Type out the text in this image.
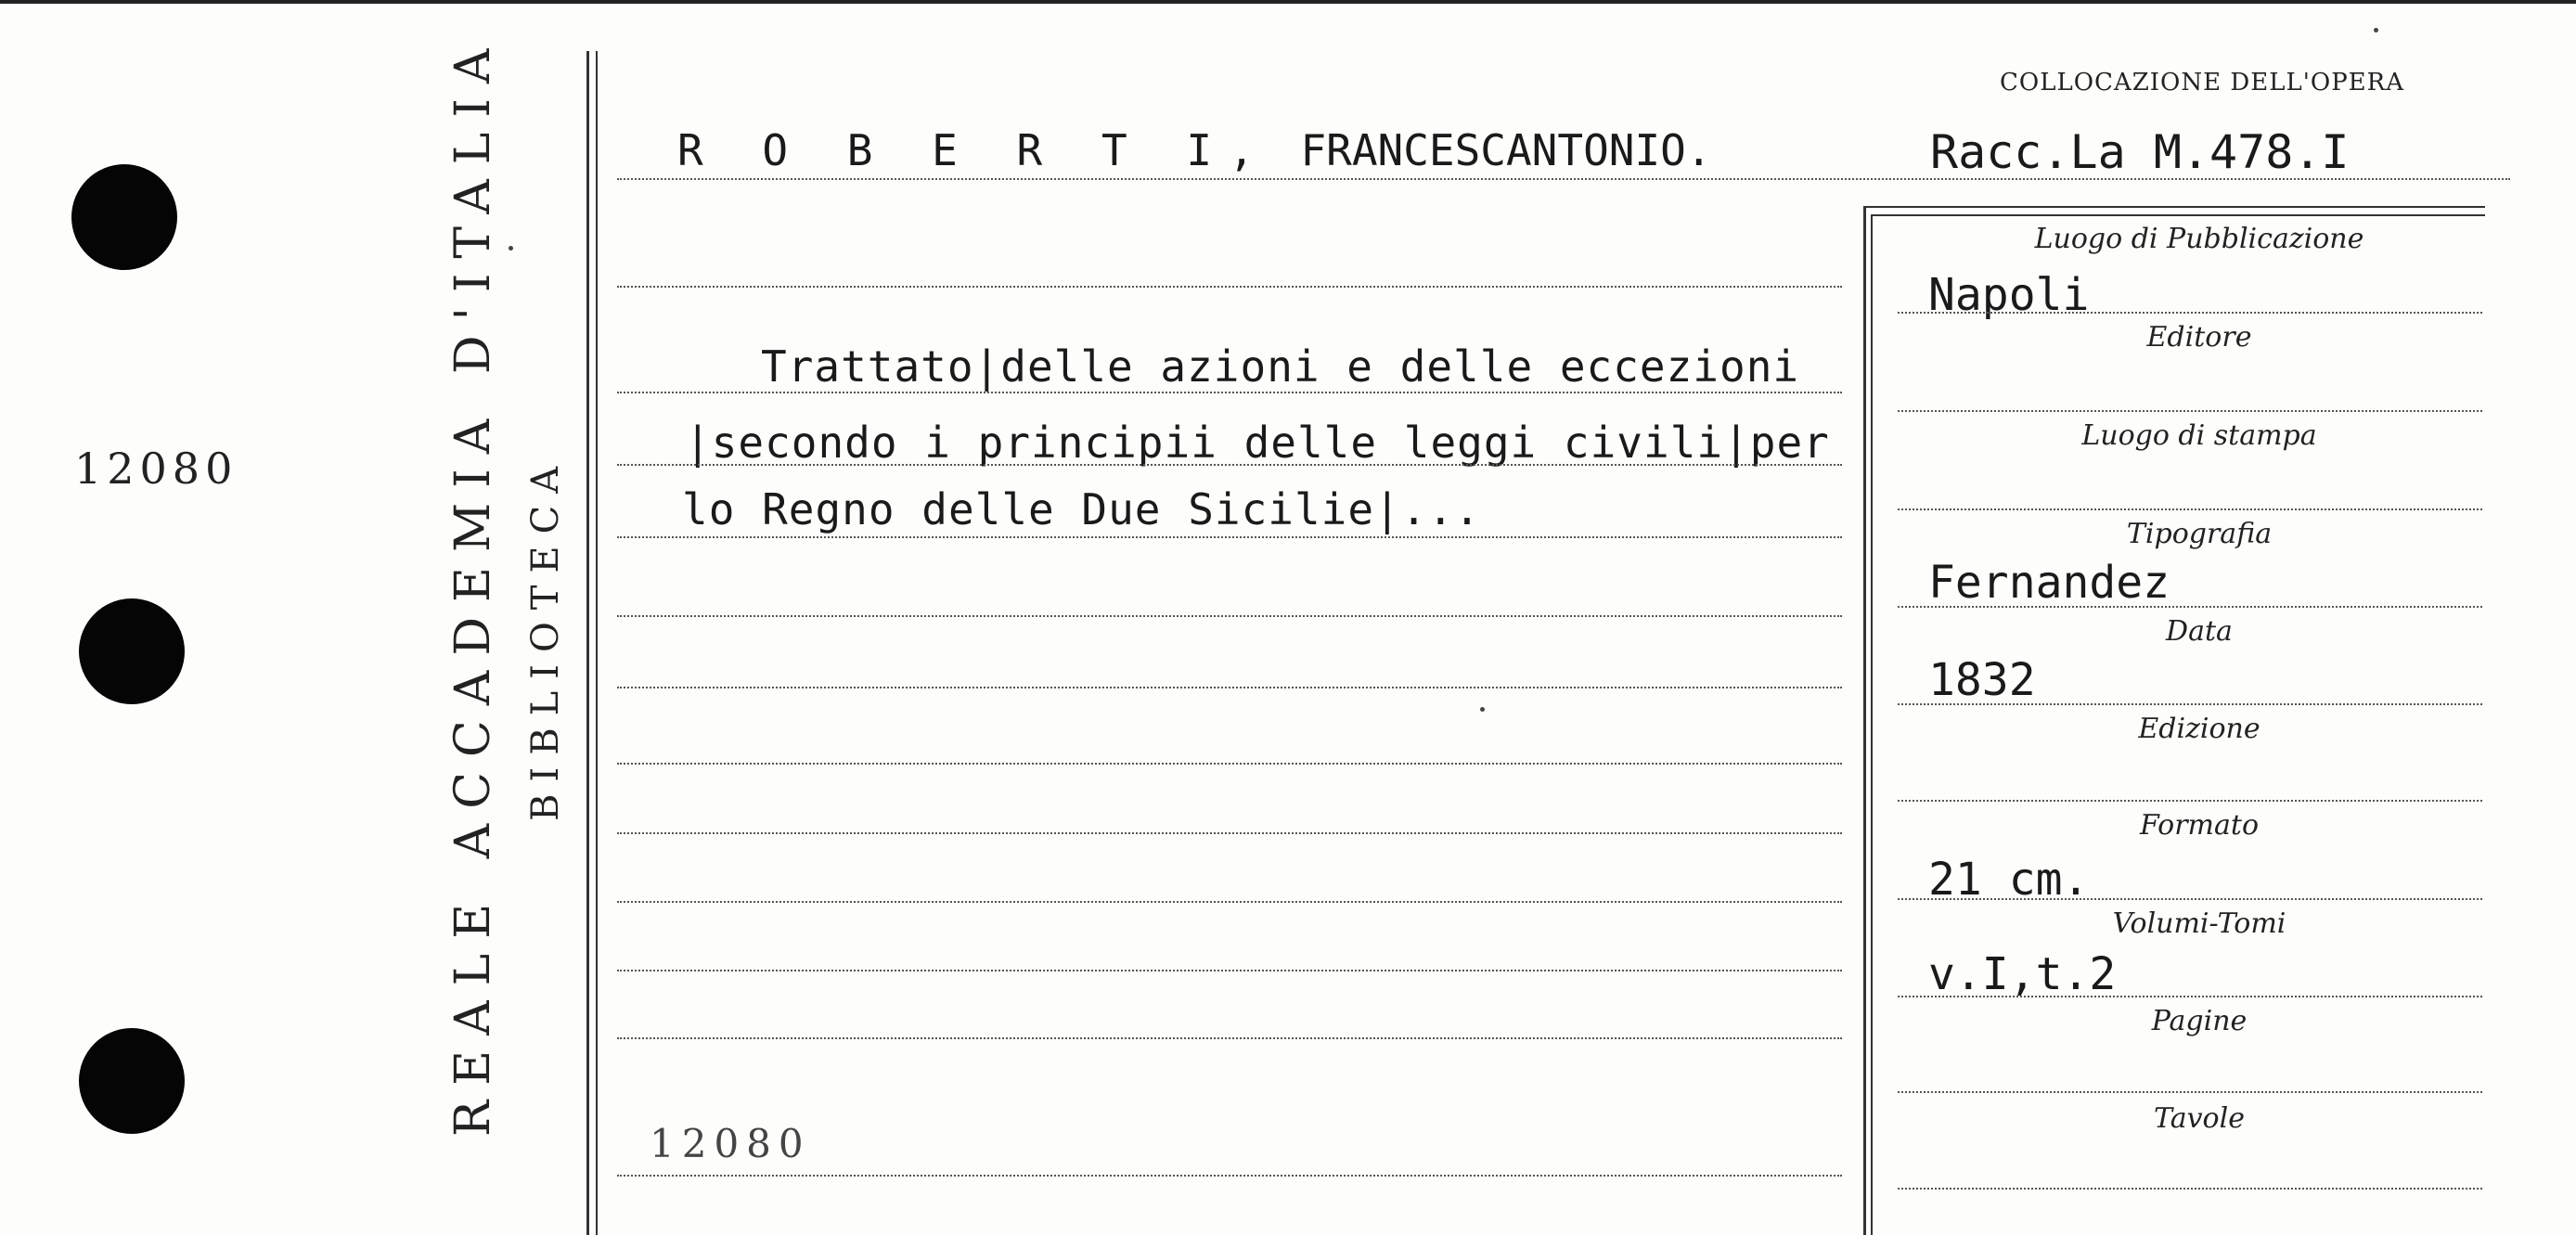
12080	REALE ACCADEMIA D'ITALIA BIBLIOTECA
R O B E R T I, FRANCESCANTONIO.
Trattato|delle azioni e delle eccezioni
|secondo i principii delle leggi civili|per
lo Regno delle Due Sicilie|...
12080
COLLOCAZIONE DELL'OPERA
Racc.La M.478.I
Luogo di Pubblicazione
Napoli
Editore
Luogo di stampa
Tipografia
Fernandez
Data
1832
Edizione
Formato
21 cm.
Volumi-Tomi
v.I,t.2
Pagine
Tavole
